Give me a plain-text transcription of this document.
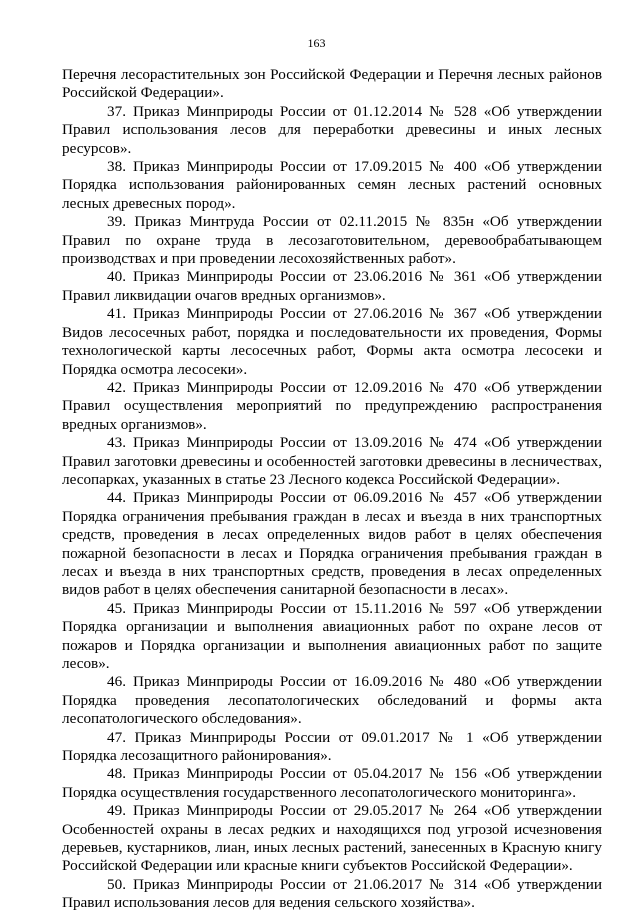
163

Перечня лесорастительных зон Российской Федерации и Перечня лесных районов Российской Федерации».

37. Приказ Минприроды России от 01.12.2014 № 528 «Об утверждении Правил использования лесов для переработки древесины и иных лесных ресурсов».

38. Приказ Минприроды России от 17.09.2015 № 400 «Об утверждении Порядка использования районированных семян лесных растений основных лесных древесных пород».

39. Приказ Минтруда России от 02.11.2015 № 835н «Об утверждении Правил по охране труда в лесозаготовительном, деревообрабатывающем производствах и при проведении лесохозяйственных работ».

40. Приказ Минприроды России от 23.06.2016 № 361 «Об утверждении Правил ликвидации очагов вредных организмов».

41. Приказ Минприроды России от 27.06.2016 № 367 «Об утверждении Видов лесосечных работ, порядка и последовательности их проведения, Формы технологической карты лесосечных работ, Формы акта осмотра лесосеки и Порядка осмотра лесосеки».

42. Приказ Минприроды России от 12.09.2016 № 470 «Об утверждении Правил осуществления мероприятий по предупреждению распространения вредных организмов».

43. Приказ Минприроды России от 13.09.2016 № 474 «Об утверждении Правил заготовки древесины и особенностей заготовки древесины в лесничествах, лесопарках, указанных в статье 23 Лесного кодекса Российской Федерации».

44. Приказ Минприроды России от 06.09.2016 № 457 «Об утверждении Порядка ограничения пребывания граждан в лесах и въезда в них транспортных средств, проведения в лесах определенных видов работ в целях обеспечения пожарной безопасности в лесах и Порядка ограничения пребывания граждан в лесах и въезда в них транспортных средств, проведения в лесах определенных видов работ в целях обеспечения санитарной безопасности в лесах».

45. Приказ Минприроды России от 15.11.2016 № 597 «Об утверждении Порядка организации и выполнения авиационных работ по охране лесов от пожаров и Порядка организации и выполнения авиационных работ по защите лесов».

46. Приказ Минприроды России от 16.09.2016 № 480 «Об утверждении Порядка проведения лесопатологических обследований и формы акта лесопатологического обследования».

47. Приказ Минприроды России от 09.01.2017 № 1 «Об утверждении Порядка лесозащитного районирования».

48. Приказ Минприроды России от 05.04.2017 № 156 «Об утверждении Порядка осуществления государственного лесопатологического мониторинга».

49. Приказ Минприроды России от 29.05.2017 № 264 «Об утверждении Особенностей охраны в лесах редких и находящихся под угрозой исчезновения деревьев, кустарников, лиан, иных лесных растений, занесенных в Красную книгу Российской Федерации или красные книги субъектов Российской Федерации».

50. Приказ Минприроды России от 21.06.2017 № 314 «Об утверждении Правил использования лесов для ведения сельского хозяйства».
